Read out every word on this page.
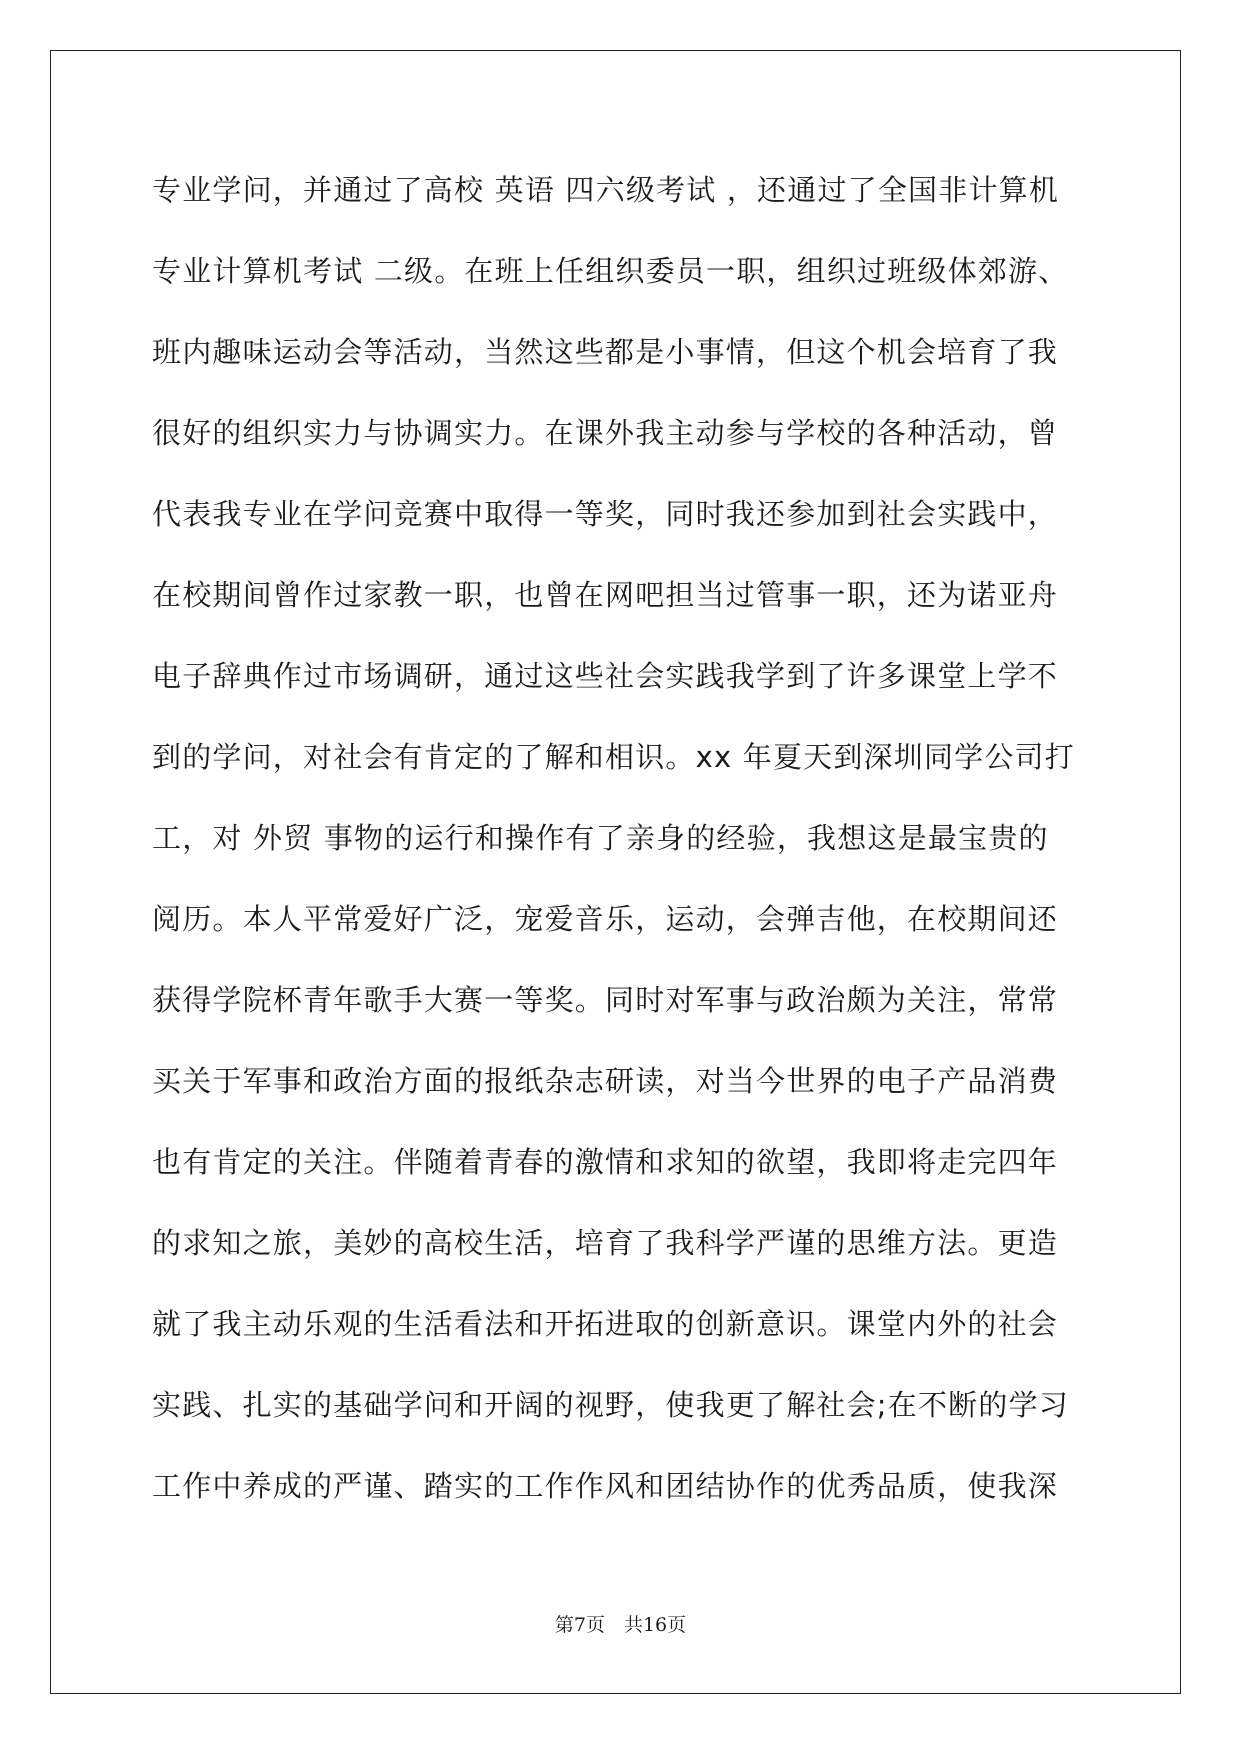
专业学问，并通过了高校 英语 四六级考试 ，还通过了全国非计算机
专业计算机考试 二级。在班上任组织委员一职，组织过班级体郊游、
班内趣味运动会等活动，当然这些都是小事情，但这个机会培育了我
很好的组织实力与协调实力。在课外我主动参与学校的各种活动，曾
代表我专业在学问竞赛中取得一等奖，同时我还参加到社会实践中，
在校期间曾作过家教一职，也曾在网吧担当过管事一职，还为诺亚舟
电子辞典作过市场调研，通过这些社会实践我学到了许多课堂上学不
到的学问，对社会有肯定的了解和相识。xx 年夏天到深圳同学公司打
工，对 外贸 事物的运行和操作有了亲身的经验，我想这是最宝贵的
阅历。本人平常爱好广泛，宠爱音乐，运动，会弹吉他，在校期间还
获得学院杯青年歌手大赛一等奖。同时对军事与政治颇为关注，常常
买关于军事和政治方面的报纸杂志研读，对当今世界的电子产品消费
也有肯定的关注。伴随着青春的激情和求知的欲望，我即将走完四年
的求知之旅，美妙的高校生活，培育了我科学严谨的思维方法。更造
就了我主动乐观的生活看法和开拓进取的创新意识。课堂内外的社会
实践、扎实的基础学问和开阔的视野，使我更了解社会;在不断的学习
工作中养成的严谨、踏实的工作作风和团结协作的优秀品质，使我深
第7页　共16页
